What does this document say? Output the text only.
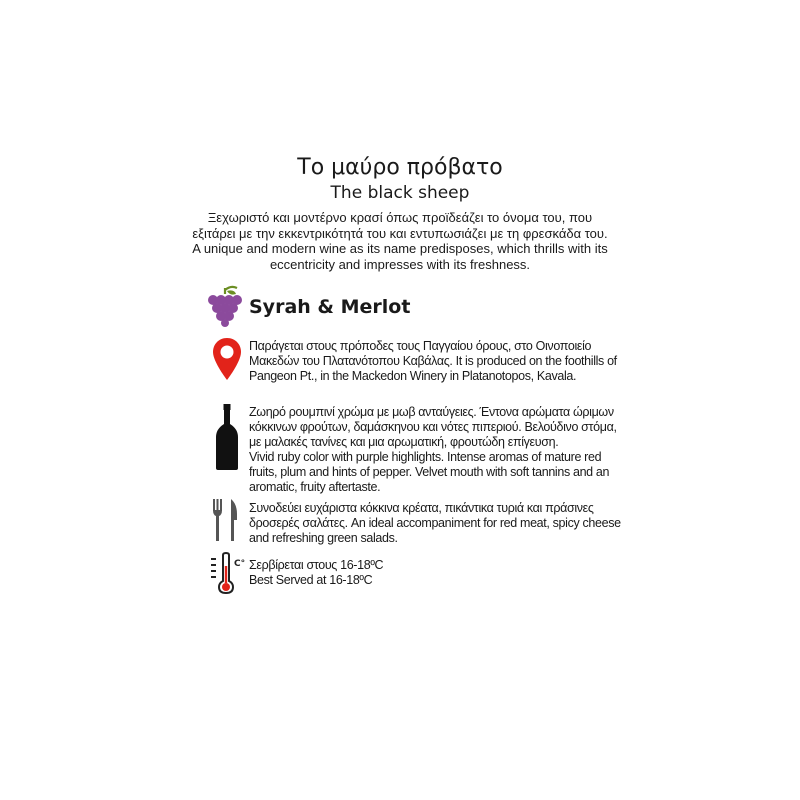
Το μαύρο πρόβατο
The black sheep
Ξεχωριστό και μοντέρνο κρασί όπως προϊδεάζει το όνομα του, που
εξιτάρει με την εκκεντρικότητά του και εντυπωσιάζει με τη φρεσκάδα του.
A unique and modern wine as its name predisposes, which thrills with its
eccentricity and impresses with its freshness.
Syrah & Merlot

Παράγεται στους πρόποδες τους Παγγαίου όρους, στο Οινοποιείο

Μακεδών του Πλατανότοπου Καβάλας. It is produced on the foothills of

Pangeon Pt., in the Mackedon Winery in Platanotopos, Kavala.

Ζωηρό ρουμπινί χρώμα με μωβ ανταύγειες. Έντονα αρώματα ώριμων

κόκκινων φρούτων, δαμάσκηνου και νότες πιπεριού. Βελούδινο στόμα,

με μαλακές τανίνες και μια αρωματική, φρουτώδη επίγευση.

Vivid ruby color with purple highlights. Intense aromas of mature red

fruits, plum and hints of pepper. Velvet mouth with soft tannins and an

aromatic, fruity aftertaste.

Συνοδεύει ευχάριστα κόκκινα κρέατα, πικάντικα τυριά και πράσινες

δροσερές σαλάτες. An ideal accompaniment for red meat, spicy cheese

and refreshing green salads.

C° Σερβίρεται στους 16-18ºC

Best Served at 16-18ºC
